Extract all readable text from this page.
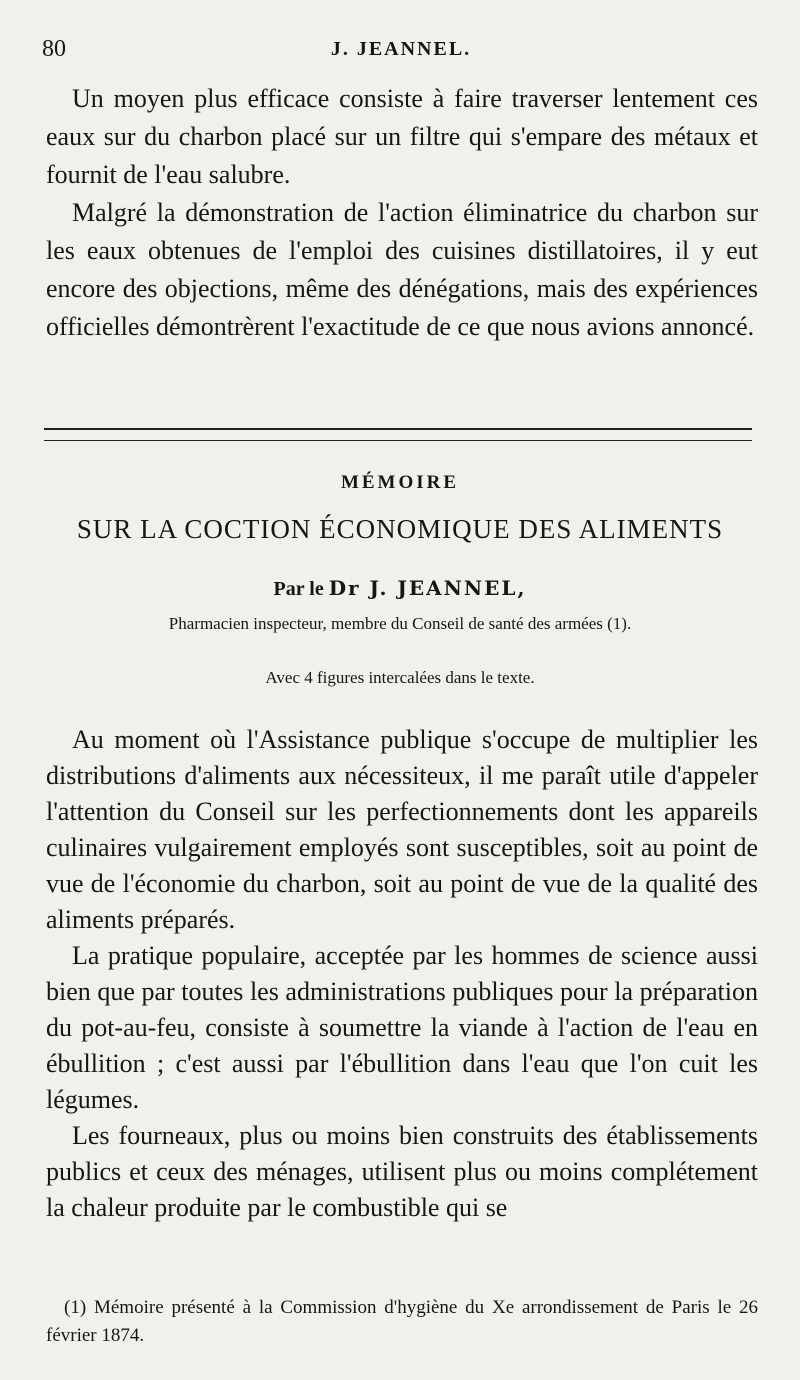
80	J. JEANNEL.

Un moyen plus efficace consiste à faire traverser lentement ces eaux sur du charbon placé sur un filtre qui s'empare des métaux et fournit de l'eau salubre.

Malgré la démonstration de l'action éliminatrice du charbon sur les eaux obtenues de l'emploi des cuisines distillatoires, il y eut encore des objections, même des dénégations, mais des expériences officielles démontrèrent l'exactitude de ce que nous avions annoncé.

MÉMOIRE
SUR LA COCTION ÉCONOMIQUE DES ALIMENTS
Par le Dr J. JEANNEL,
Pharmacien inspecteur, membre du Conseil de santé des armées (1).
Avec 4 figures intercalées dans le texte.

Au moment où l'Assistance publique s'occupe de multiplier les distributions d'aliments aux nécessiteux, il me paraît utile d'appeler l'attention du Conseil sur les perfectionnements dont les appareils culinaires vulgairement employés sont susceptibles, soit au point de vue de l'économie du charbon, soit au point de vue de la qualité des aliments préparés.

La pratique populaire, acceptée par les hommes de science aussi bien que par toutes les administrations publiques pour la préparation du pot-au-feu, consiste à soumettre la viande à l'action de l'eau en ébullition ; c'est aussi par l'ébullition dans l'eau que l'on cuit les légumes.

Les fourneaux, plus ou moins bien construits des établissements publics et ceux des ménages, utilisent plus ou moins complétement la chaleur produite par le combustible qui se

(1) Mémoire présenté à la Commission d'hygiène du Xe arrondissement de Paris le 26 février 1874.
